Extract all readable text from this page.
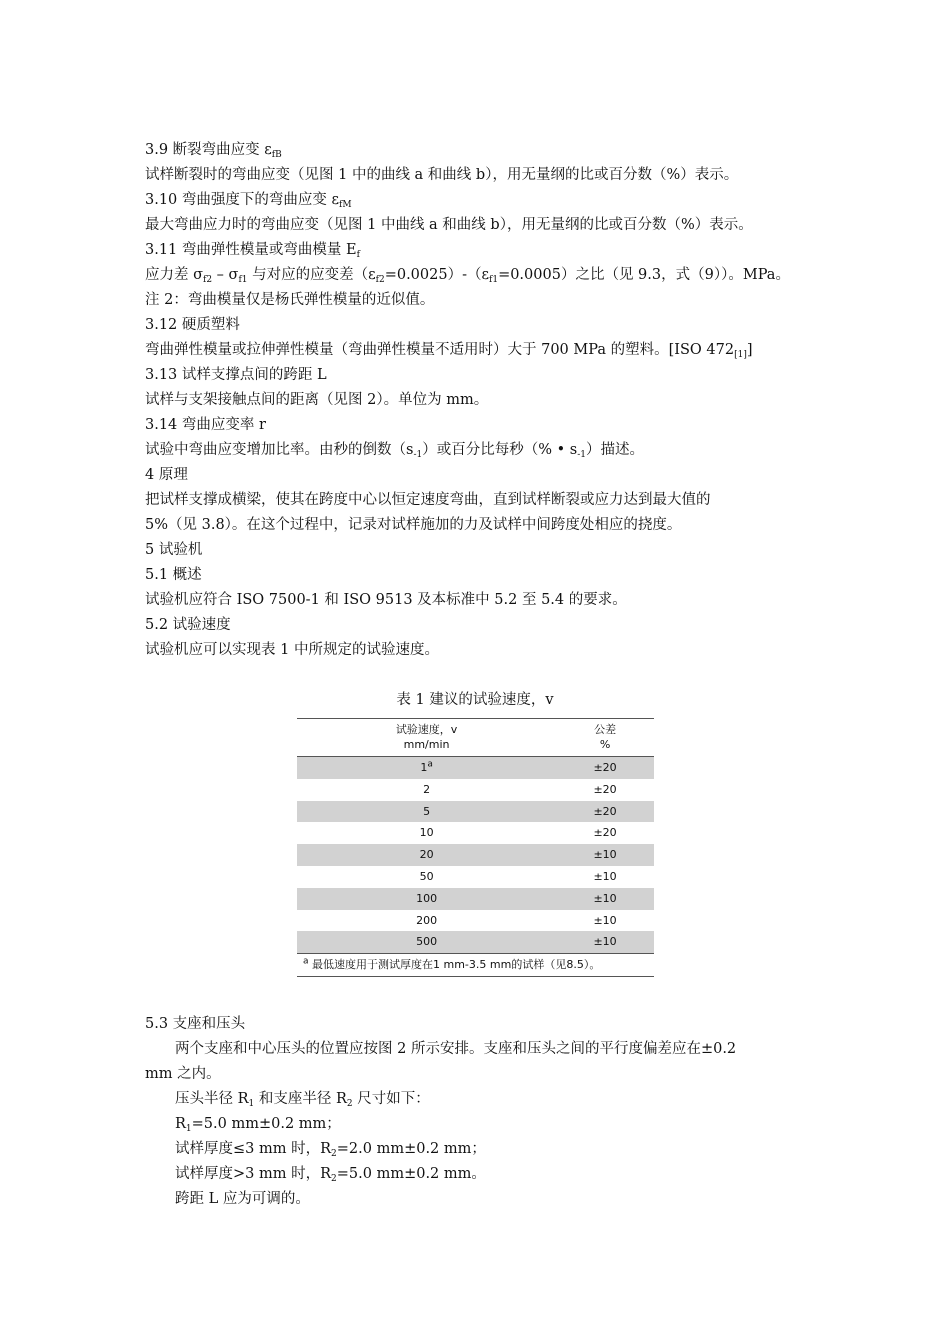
3.9 断裂弯曲应变 $\varepsilon_{fB}$
试样断裂时的弯曲应变（见图 1 中的曲线 a 和曲线 b），用无量纲的比或百分数（%）表示。
3.10 弯曲强度下的弯曲应变 $\varepsilon_{fM}$
最大弯曲应力时的弯曲应变（见图 1 中曲线 a 和曲线 b），用无量纲的比或百分数（%）表示。
3.11 弯曲弹性模量或弯曲模量 $E_f$
应力差 $\sigma_{f2} - \sigma_{f1}$ 与对应的应变差$(\varepsilon_{f2}=0.0025)-(\varepsilon_{f1}=0.0005)$之比（见 9.3，式（9））。MPa。
注 2：弯曲模量仅是杨氏弹性模量的近似值。
3.12 硬质塑料
弯曲弹性模量或拉伸弹性模量（弯曲弹性模量不适用时）大于 700 MPa 的塑料。[ISO $472_{[1]}$]
3.13 试样支撑点间的跨距 L
试样与支架接触点间的距离（见图 2）。单位为 mm。
3.14 弯曲应变率 r
试验中弯曲应变增加比率。由秒的倒数$(s_{-1})$或百分比每秒（% • $s_{-1}$）描述。
4 原理
把试样支撑成横梁，使其在跨度中心以恒定速度弯曲，直到试样断裂或应力达到最大值的
5%（见 3.8）。在这个过程中，记录对试样施加的力及试样中间跨度处相应的挠度。
5 试验机
5.1 概述
试验机应符合 ISO 7500-1 和 ISO 9513 及本标准中 5.2 至 5.4 的要求。
5.2 试验速度
试验机应可以实现表 1 中所规定的试验速度。
表 1 建议的试验速度，v
试验速度，v
mm/min	公差
%
$1^a$	±20
2	±20
5	±20
10	±20
20	±10
50	±10
100	±10
200	±10
500	±10
$^a$ 最低速度用于测试厚度在1 mm-3.5 mm的试样（见8.5）。	
5.3 支座和压头
两个支座和中心压头的位置应按图 2 所示安排。支座和压头之间的平行度偏差应在±0.2
mm 之内。
压头半径 $R_1$ 和支座半径 $R_2$ 尺寸如下：
$R_1=5.0$ mm±0.2 mm；
试样厚度≤3 mm 时，$R_2=2.0$ mm±0.2 mm；
试样厚度>3 mm 时，$R_2=5.0$ mm±0.2 mm。
跨距 L 应为可调的。
